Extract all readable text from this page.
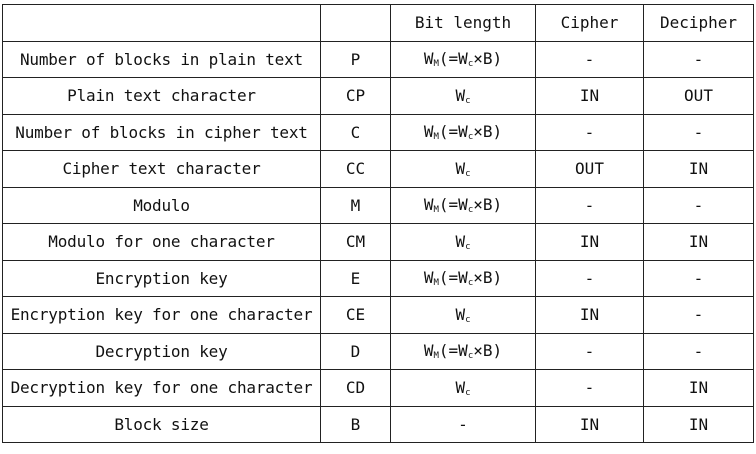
		Bit length	Cipher	Decipher
Number of blocks in plain text	P	$W_M(=W_c\times B)$	-	-
Plain text character	CP	$W_c$	IN	OUT
Number of blocks in cipher text	C	$W_M(=W_c\times B)$	-	-
Cipher text character	CC	$W_c$	OUT	IN
Modulo	M	$W_M(=W_c\times B)$	-	-
Modulo for one character	CM	$W_c$	IN	IN
Encryption key	E	$W_M(=W_c\times B)$	-	-
Encryption key for one character	CE	$W_c$	IN	-
Decryption key	D	$W_M(=W_c\times B)$	-	-
Decryption key for one character	CD	$W_c$	-	IN
Block size	B	-	IN	IN
